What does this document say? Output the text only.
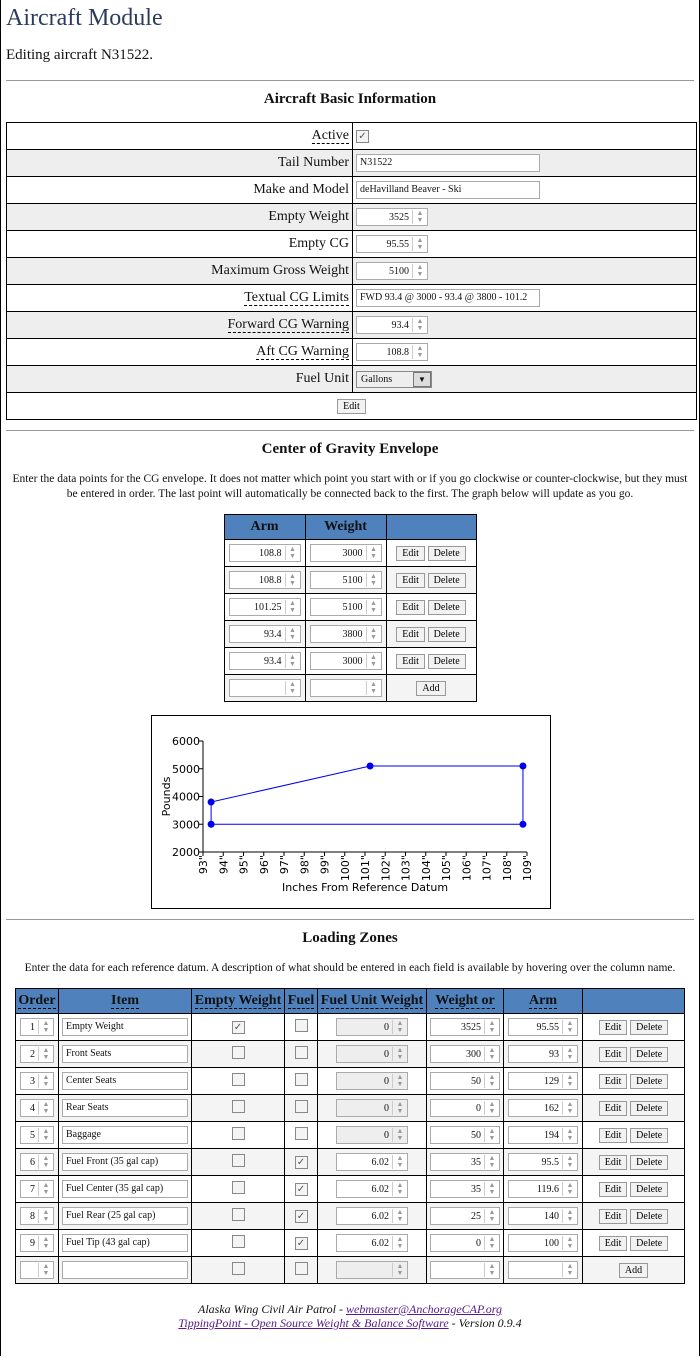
Aircraft Module
Editing aircraft N31522.
Aircraft Basic Information
Active	✓
Tail Number	N31522
Make and Model	deHavilland Beaver - Ski
Empty Weight	3525 ▲
▼

Empty CG	95.55 ▲
▼

Maximum Gross Weight	5100 ▲
▼

Textual CG Limits	FWD 93.4 @ 3000 - 93.4 @ 3800 - 101.2
Forward CG Warning	93.4 ▲
▼

Aft CG Warning	108.8 ▲
▼

Fuel Unit	Gallons ▼

Edit	
Center of Gravity Envelope
Enter the data points for the CG envelope. It does not matter which point you start with or if you go clockwise or counter-clockwise, but they must be entered in order. The last point will automatically be connected back to the first. The graph below will update as you go.
Arm	Weight	

108.8 ▲
▼	3000 ▲
▼	Edit Delete

108.8 ▲
▼	5100 ▲
▼	Edit Delete

101.25 ▲
▼	5100 ▲
▼	Edit Delete

93.4 ▲
▼	3800 ▲
▼	Edit Delete

93.4 ▲
▼	3000 ▲
▼	Edit Delete

▲
▼	▲
▼	Add
2000
3000
4000
5000
6000
93" 94" 95" 96" 97" 98" 99" 100" 101" 102" 103" 104" 105" 106" 107" 108" 109"
Pounds
Inches From Reference Datum
Loading Zones
Enter the data for each reference datum. A description of what should be entered in each field is available by hovering over the column name.
Order	Item	Empty Weight	Fuel	Fuel Unit Weight	Weight or	Arm	

1 ▲
▼	Empty Weight	✓		0 ▲
▼	3525 ▲
▼	95.55 ▲
▼	Edit Delete

2 ▲
▼	Front Seats			0 ▲
▼	300 ▲
▼	93 ▲
▼	Edit Delete

3 ▲
▼	Center Seats			0 ▲
▼	50 ▲
▼	129 ▲
▼	Edit Delete

4 ▲
▼	Rear Seats			0 ▲
▼	0 ▲
▼	162 ▲
▼	Edit Delete

5 ▲
▼	Baggage			0 ▲
▼	50 ▲
▼	194 ▲
▼	Edit Delete

6 ▲
▼	Fuel Front (35 gal cap)		✓	6.02 ▲
▼	35 ▲
▼	95.5 ▲
▼	Edit Delete

7 ▲
▼	Fuel Center (35 gal cap)		✓	6.02 ▲
▼	35 ▲
▼	119.6 ▲
▼	Edit Delete

8 ▲
▼	Fuel Rear (25 gal cap)		✓	6.02 ▲
▼	25 ▲
▼	140 ▲
▼	Edit Delete

9 ▲
▼	Fuel Tip (43 gal cap)		✓	6.02 ▲
▼	0 ▲
▼	100 ▲
▼	Edit Delete

▲
▼				▲
▼	▲
▼	▲
▼	Add
Alaska Wing Civil Air Patrol - webmaster@AnchorageCAP.org
TippingPoint - Open Source Weight & Balance Software - Version 0.9.4
